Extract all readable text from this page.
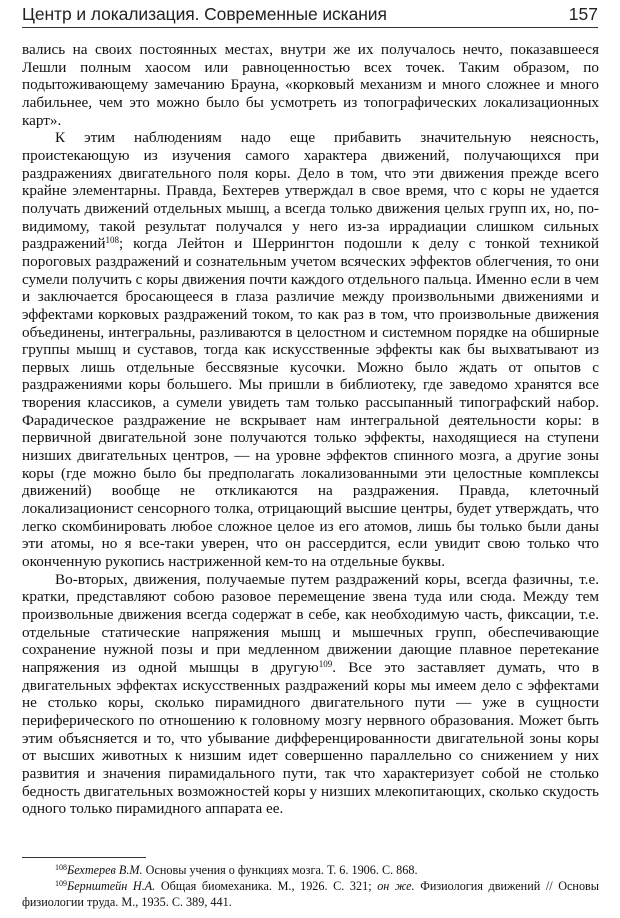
Центр и локализация. Современные искания	157

вались на своих постоянных местах, внутри же их получалось нечто, показавшееся Лешли полным хаосом или равноценностью всех точек. Таким образом, по подытоживающему замечанию Брауна, «корковый механизм и много сложнее и много лабильнее, чем это можно было бы усмотреть из топографических локализационных карт».

К этим наблюдениям надо еще прибавить значительную неясность, проистекающую из изучения самого характера движений, получающихся при раздражениях двигательного поля коры. Дело в том, что эти движения прежде всего крайне элементарны. Правда, Бехтерев утверждал в свое время, что с коры не удается получать движений отдельных мышц, а всегда только движения целых групп их, но, по-видимому, такой результат получался у него из-за иррадиации слишком сильных раздражений$^{108}$; когда Лейтон и Шеррингтон подошли к делу с тонкой техникой пороговых раздражений и сознательным учетом всяческих эффектов облегчения, то они сумели получить с коры движения почти каждого отдельного пальца. Именно если в чем и заключается бросающееся в глаза различие между произвольными движениями и эффектами корковых раздражений током, то как раз в том, что произвольные движения объединены, интегральны, разливаются в целостном и системном порядке на обширные группы мышц и суставов, тогда как искусственные эффекты как бы выхватывают из первых лишь отдельные бессвязные кусочки. Можно было ждать от опытов с раздражениями коры большего. Мы пришли в библиотеку, где заведомо хранятся все творения классиков, а сумели увидеть там только рассыпанный типографский набор. Фарадическое раздражение не вскрывает нам интегральной деятельности коры: в первичной двигательной зоне получаются только эффекты, находящиеся на ступени низших двигательных центров, — на уровне эффектов спинного мозга, а другие зоны коры (где можно было бы предполагать локализованными эти целостные комплексы движений) вообще не откликаются на раздражения. Правда, клеточный локализационист сенсорного толка, отрицающий высшие центры, будет утверждать, что легко скомбинировать любое сложное целое из его атомов, лишь бы только были даны эти атомы, но я все-таки уверен, что он рассердится, если увидит свою только что оконченную рукопись настриженной кем-то на отдельные буквы.

Во-вторых, движения, получаемые путем раздражений коры, всегда фазичны, т.е. кратки, представляют собою разовое перемещение звена туда или сюда. Между тем произвольные движения всегда содержат в себе, как необходимую часть, фиксации, т.е. отдельные статические напряжения мышц и мышечных групп, обеспечивающие сохранение нужной позы и при медленном движении дающие плавное перетекание напряжения из одной мышцы в другую$^{109}$. Все это заставляет думать, что в двигательных эффектах искусственных раздражений коры мы имеем дело с эффектами не столько коры, сколько пирамидного двигательного пути — уже в сущности периферического по отношению к головному мозгу нервного образования. Может быть этим объясняется и то, что убывание дифференцированности двигательной зоны коры от высших животных к низшим идет совершенно параллельно со снижением у них развития и значения пирамидального пути, так что характеризует собой не столько бедность двигательных возможностей коры у низших млекопитающих, сколько скудость одного только пирамидного аппарата ее.

$^{108}$Бехтерев В.М. Основы учения о функциях мозга. Т. 6. 1906. С. 868.

$^{109}$Бернштейн Н.А. Общая биомеханика. М., 1926. С. 321; он же. Физиология движений // Основы физиологии труда. М., 1935. С. 389, 441.
